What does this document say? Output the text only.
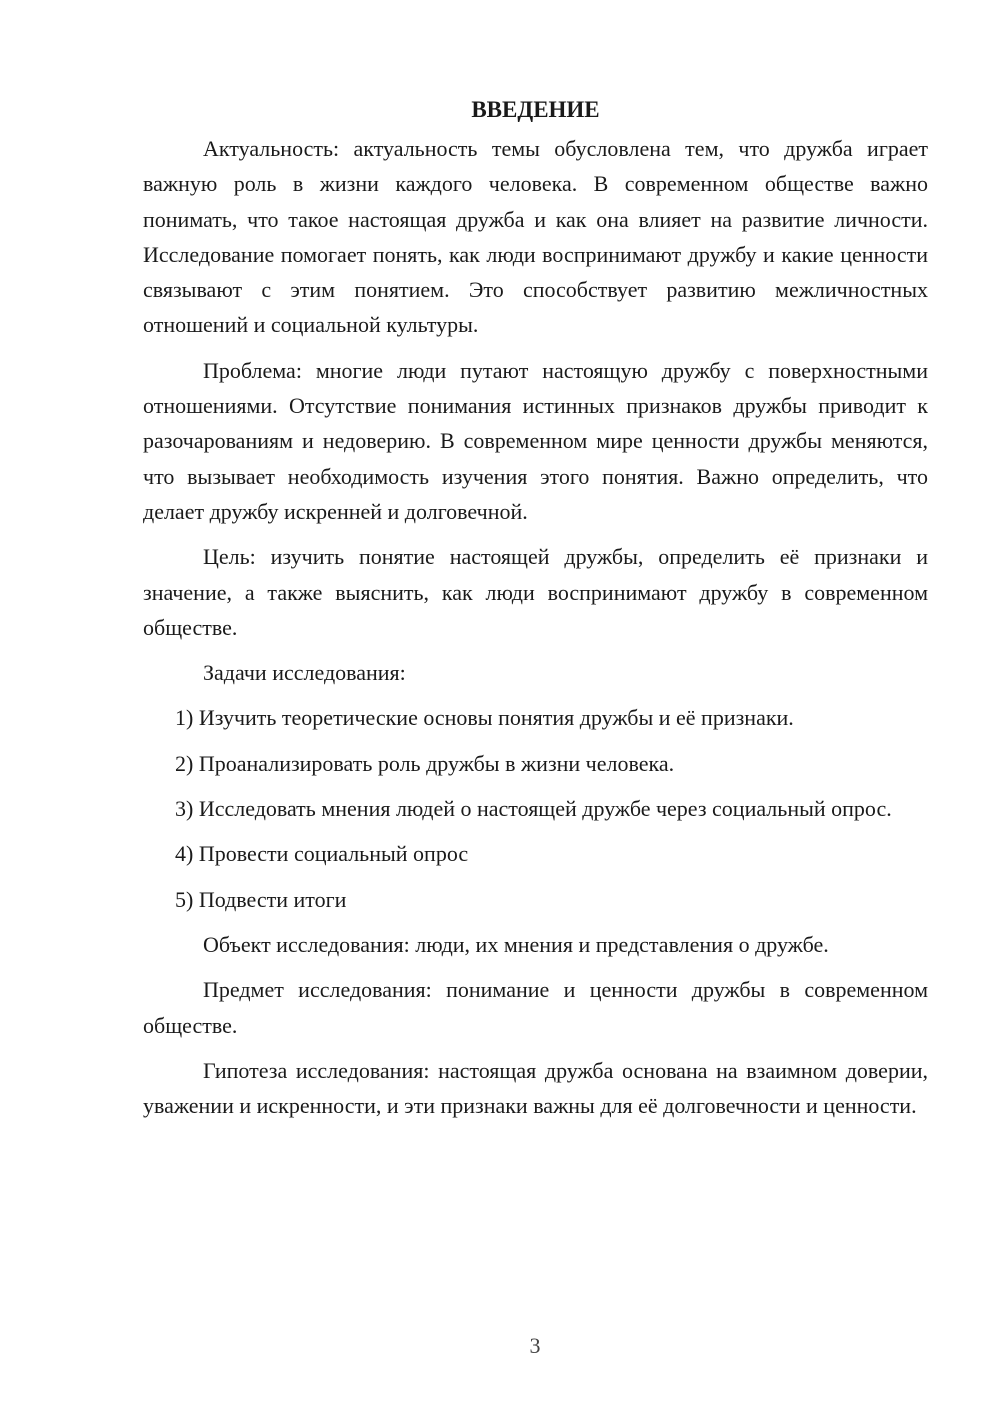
ВВЕДЕНИЕ

Актуальность: актуальность темы обусловлена тем, что дружба играет важную роль в жизни каждого человека. В современном обществе важно понимать, что такое настоящая дружба и как она влияет на развитие личности. Исследование помогает понять, как люди воспринимают дружбу и какие ценности связывают с этим понятием. Это способствует развитию межличностных отношений и социальной культуры.

Проблема: многие люди путают настоящую дружбу с поверхностными отношениями. Отсутствие понимания истинных признаков дружбы приводит к разочарованиям и недоверию. В современном мире ценности дружбы меняются, что вызывает необходимость изучения этого понятия. Важно определить, что делает дружбу искренней и долговечной.

Цель: изучить понятие настоящей дружбы, определить её признаки и значение, а также выяснить, как люди воспринимают дружбу в современном обществе.

Задачи исследования:

1) Изучить теоретические основы понятия дружбы и её признаки.

2) Проанализировать роль дружбы в жизни человека.

3) Исследовать мнения людей о настоящей дружбе через социальный опрос.

4) Провести социальный опрос

5) Подвести итоги

Объект исследования: люди, их мнения и представления о дружбе.

Предмет исследования: понимание и ценности дружбы в современном обществе.

Гипотеза исследования: настоящая дружба основана на взаимном доверии, уважении и искренности, и эти признаки важны для её долговечности и ценности.

3
